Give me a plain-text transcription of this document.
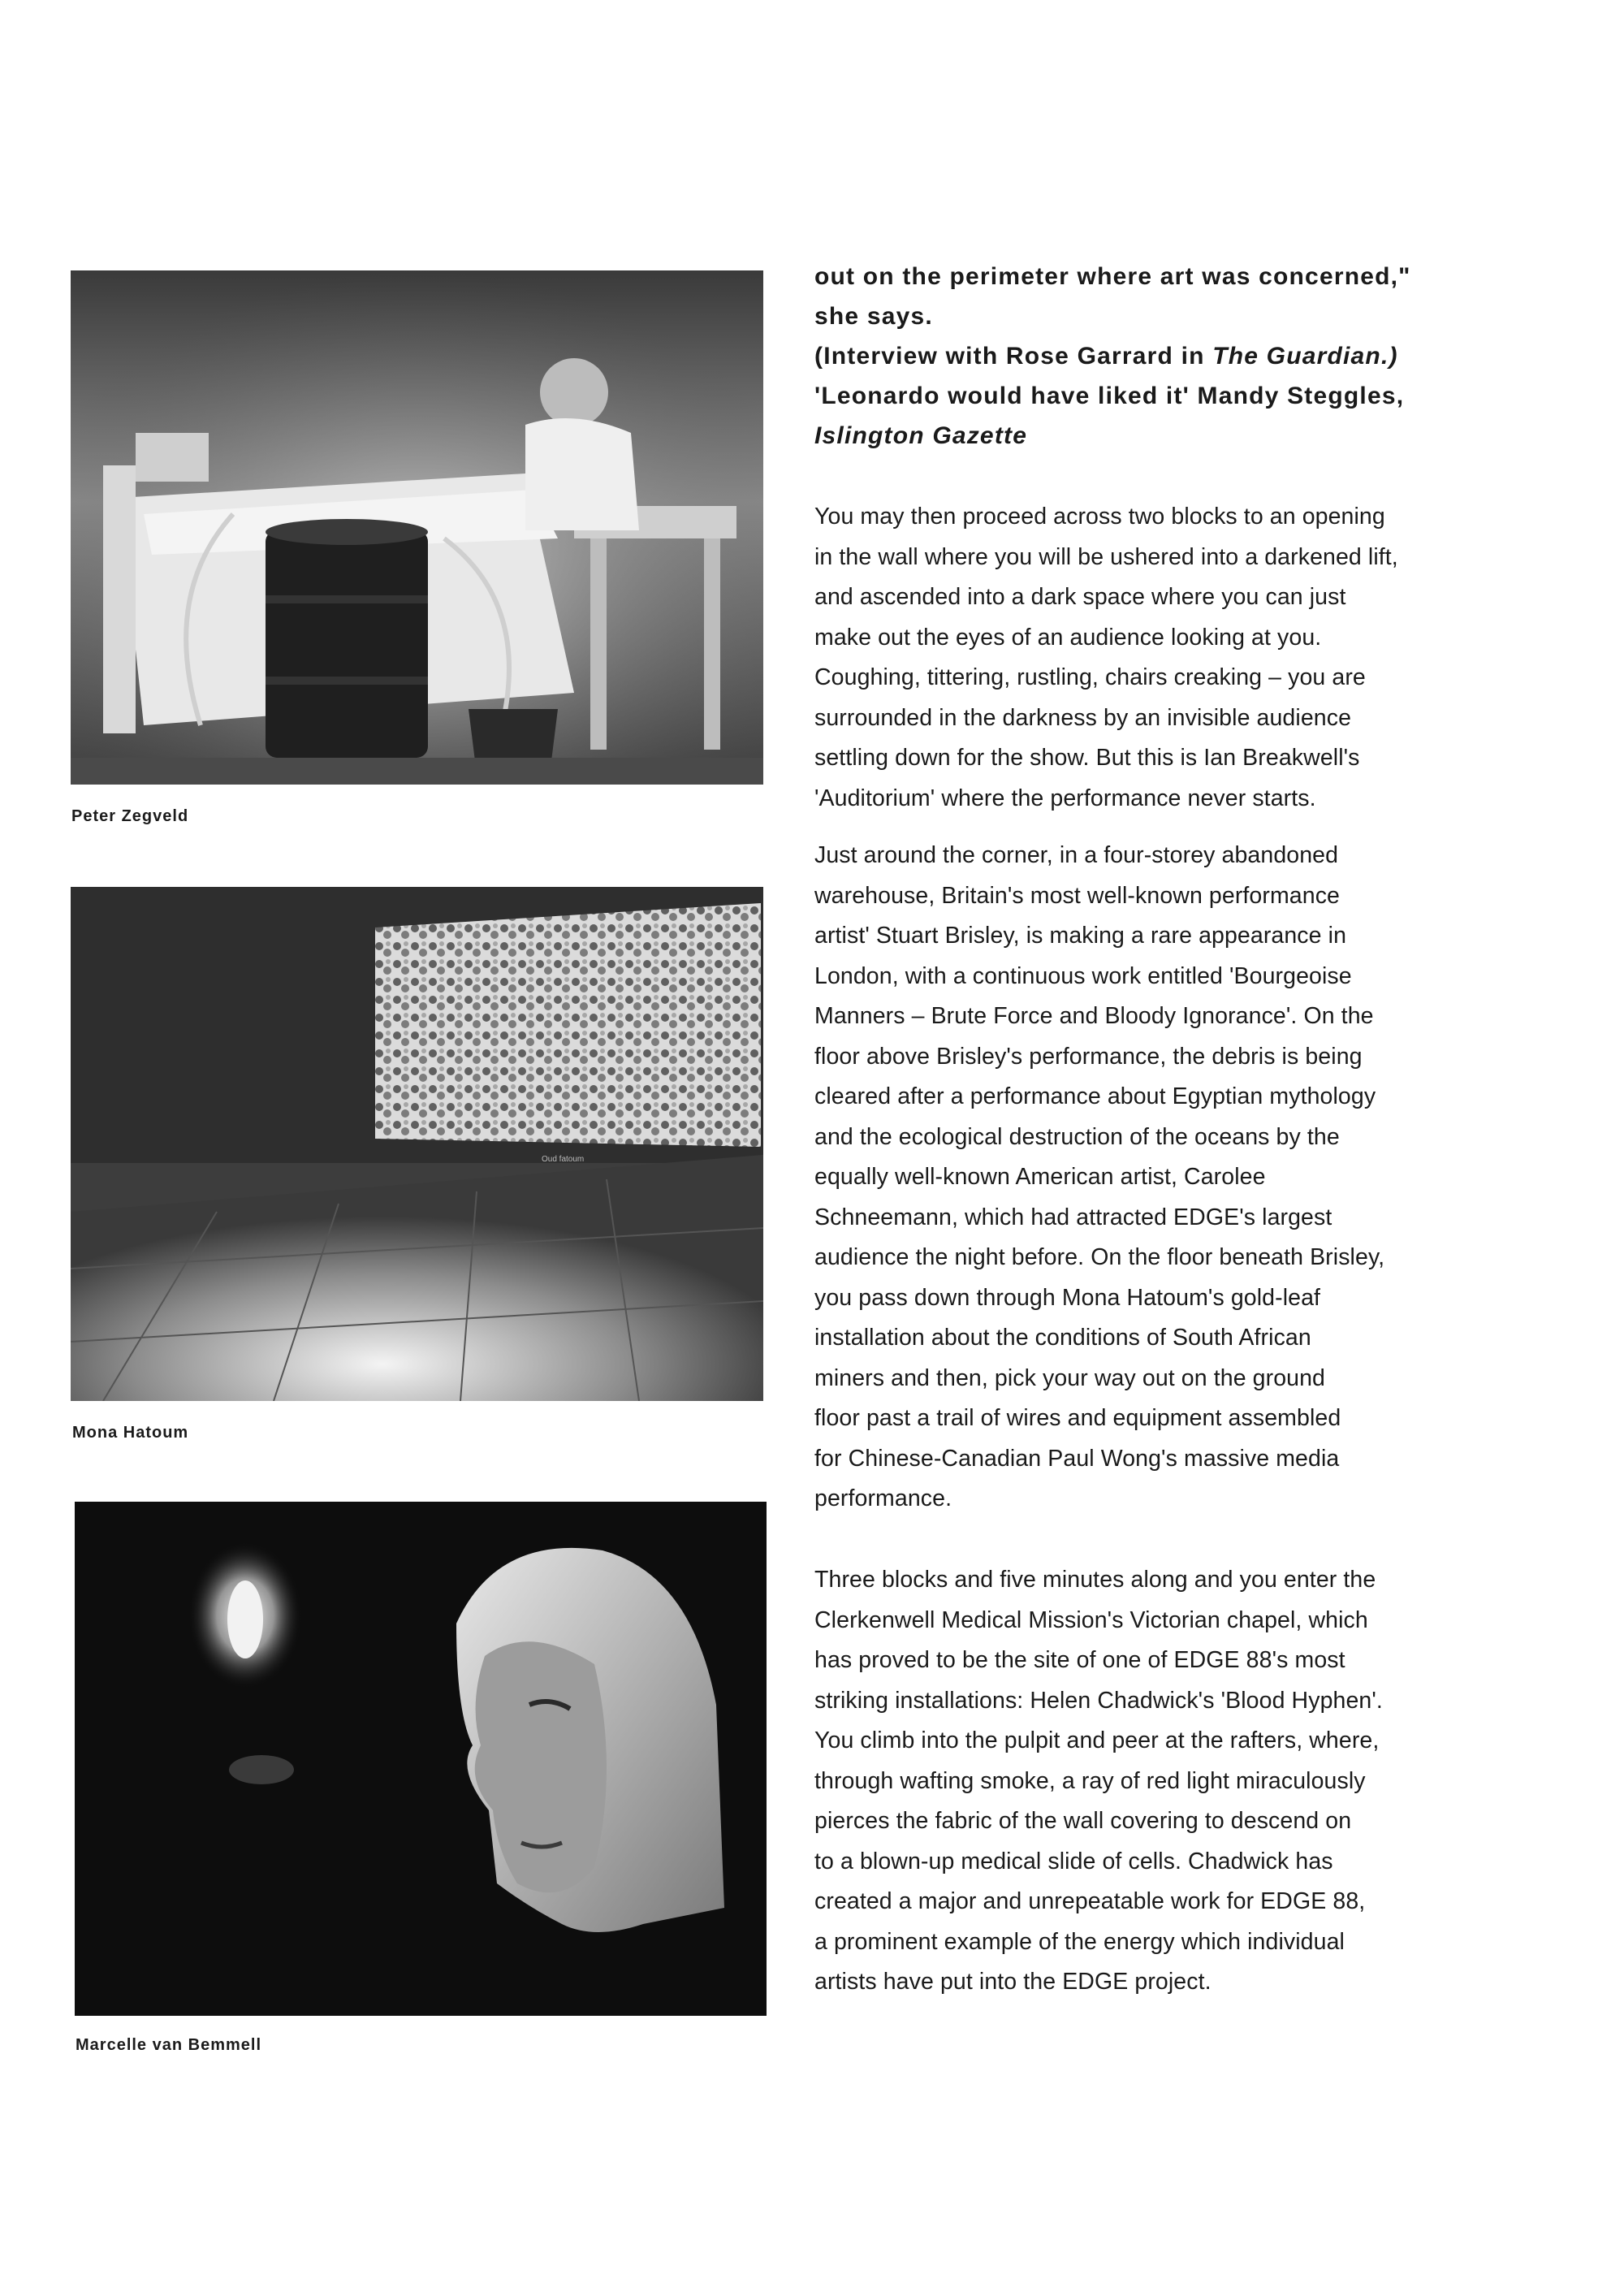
Peter Zegveld
Oud fatoum
Mona Hatoum
Marcelle van Bemmell

out on the perimeter where art was concerned,"

she says.

(Interview with Rose Garrard in The Guardian.)

'Leonardo would have liked it' Mandy Steggles,

Islington Gazette

You may then proceed across two blocks to an opening

in the wall where you will be ushered into a darkened lift,

and ascended into a dark space where you can just

make out the eyes of an audience looking at you.

Coughing, tittering, rustling, chairs creaking – you are

surrounded in the darkness by an invisible audience

settling down for the show. But this is Ian Breakwell's

'Auditorium' where the performance never starts.

Just around the corner, in a four-storey abandoned

warehouse, Britain's most well-known performance

artist' Stuart Brisley, is making a rare appearance in

London, with a continuous work entitled 'Bourgeoise

Manners – Brute Force and Bloody Ignorance'. On the

floor above Brisley's performance, the debris is being

cleared after a performance about Egyptian mythology

and the ecological destruction of the oceans by the

equally well-known American artist, Carolee

Schneemann, which had attracted EDGE's largest

audience the night before. On the floor beneath Brisley,

you pass down through Mona Hatoum's gold-leaf

installation about the conditions of South African

miners and then, pick your way out on the ground

floor past a trail of wires and equipment assembled

for Chinese-Canadian Paul Wong's massive media

performance.

Three blocks and five minutes along and you enter the

Clerkenwell Medical Mission's Victorian chapel, which

has proved to be the site of one of EDGE 88's most

striking installations: Helen Chadwick's 'Blood Hyphen'.

You climb into the pulpit and peer at the rafters, where,

through wafting smoke, a ray of red light miraculously

pierces the fabric of the wall covering to descend on

to a blown-up medical slide of cells. Chadwick has

created a major and unrepeatable work for EDGE 88,

a prominent example of the energy which individual

artists have put into the EDGE project.
